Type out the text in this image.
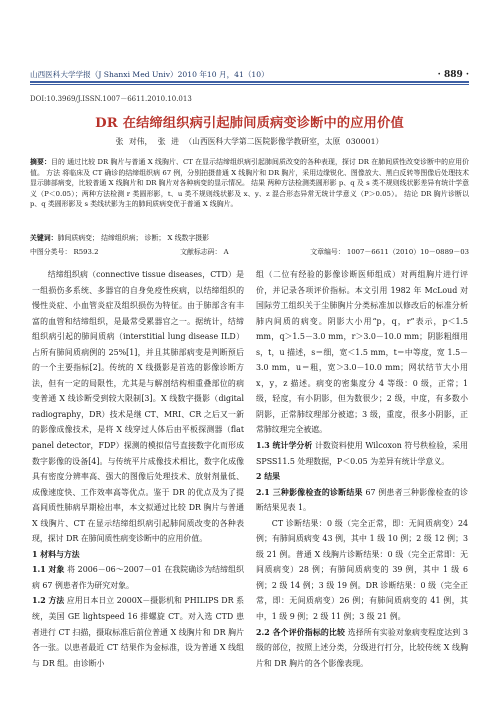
山西医科大学学报（J Shanxi Med Univ）2010 年10 月，41（10）	· 889 ·
DOI:10.3969/J.ISSN.1007－6611.2010.10.013
DR 在结缔组织病引起肺间质病变诊断中的应用价值
张 对伟， 张 进 （山西医科大学第二医院影像学教研室，太原 030001）
摘要：目的 通过比较 DR 胸片与普通 X 线胸片、CT 在显示结缔组织病引起肺间质改变的各种表现，探讨 DR 在肺间质性改变诊断中的应用价值。 方法 将临床及 CT 确诊的结缔组织病 67 例，分别拍摄普通 X 线胸片和 DR 胸片，采用边缘锐化、图像放大、黑白反转等图像后处理技术显示肺部病变，比较普通 X 线胸片和 DR 胸片对各种病变的显示情况。 结果 两种方法检测类圆形影 p、q 及 s 类不规则线状影差异有统计学意义（P＜0.05）；两种方法检测 r 类圆形影，t、u 类不规则线状影及 x、y、z 混合形态异常无统计学意义（P＞0.05）。 结论 DR 胸片诊断以 p、q 类圆形影及 s 类线状影为主的肺间质病变优于普通 X 线胸片。
关键词：肺间质病变； 结缔组织病； 诊断； X 线数字摄影
中图分类号： R593.2	文献标志码： A	文章编号： 1007－6611（2010）10－0889－03

结缔组织病（connective tissue diseases，CTD）是一组损伤多系统、多器官的自身免疫性疾病，以结缔组织的慢性炎症、小血管炎症及组织损伤为特征。由于肺部含有丰富的血管和结缔组织，是最常受累器官之一。据统计，结缔组织病引起的肺间质病（interstitial lung disease ILD）占所有肺间质病例的 25%[1]，并且其肺部病变是判断预后的一个主要指标[2]。传统的 X 线摄影是首选的影像诊断方法，但有一定的局限性，尤其是与解剖结构相重叠部位的病变普通 X 线诊断受到较大限制[3]。X 线数字摄影（digital radiography，DR）技术是继 CT、MRI、CR 之后又一新的影像成像技术，是将 X 线穿过人体后由平板探测器（flat panel detector，FDP）探测的模拟信号直接数字化而形成数字影像的设备[4]。与传统平片成像技术相比，数字化成像具有密度分辨率高、强大的图像后处理技术、放射剂量低、成像速度快、工作效率高等优点。鉴于 DR 的优点及为了提高间质性肺病早期检出率，本文拟通过比较 DR 胸片与普通 X 线胸片、CT 在显示结缔组织病引起肺间质改变的各种表现，探讨 DR 在肺间质性病变诊断中的应用价值。

1 材料与方法

1.1 对象 将 2006－06～2007－01 在我院确诊为结缔组织病 67 例患者作为研究对象。

1.2 方法 应用日本日立 2000X－摄影机和 PHILIPS DR 系统，美国 GE lightspeed 16 排螺旋 CT。对入选 CTD 患者进行 CT 扫描，摄取标准后前位普通 X 线胸片和 DR 胸片各一张。以患者最近 CT 结果作为金标准，设为普通 X 线组与 DR 组。由诊断小

组（二位有经验的影像诊断医师组成）对两组胸片进行评价，并记录各项评价指标。本文引用 1982 年 McLoud 对国际劳工组织关于尘肺胸片分类标准加以修改后的标准分析肺内间质的病变。阴影大小用“p，q，r”表示，p＜1.5 mm，q＞1.5－3.0 mm，r＞3.0－10.0 mm；阴影粗细用 s，t，u 描述，s＝细，宽＜1.5 mm，t＝中等度，宽 1.5－3.0 mm，u＝粗，宽＞3.0－10.0 mm；网状结节大小用 x，y，z 描述。病变的密集度分 4 等级：0 级，正常；1 级，轻度，有小阴影，但为数很少；2 级，中度，有多数小阴影，正常肺纹理部分被遮；3 级，重度，很多小阴影，正常肺纹理完全被遮。

1.3 统计学分析 计数资料使用 Wilcoxon 符号秩检验，采用 SPSS11.5 处理数据，P＜0.05 为差异有统计学意义。

2 结果

2.1 三种影像检查的诊断结果 67 例患者三种影像检查的诊断结果见表 1。

CT 诊断结果：0 级（完全正常，即：无间质病变）24 例；有肺间质病变 43 例，其中 1 级 10 例；2 级 12 例；3 级 21 例。普通 X 线胸片诊断结果：0 级（完全正常即：无间质病变）28 例；有肺间质病变的 39 例，其中 1 级 6 例；2 级 14 例；3 级 19 例。DR 诊断结果：0 级（完全正常，即：无间质病变）26 例；有肺间质病变的 41 例，其中，1 级 9 例；2 级 11 例；3 级 21 例。

2.2 各个评价指标的比较 选择所有实验对象病变程度达到 3 级的部位，按照上述分类，分级进行打分，比较传统 X 线胸片和 DR 胸片的各个影像表现。
